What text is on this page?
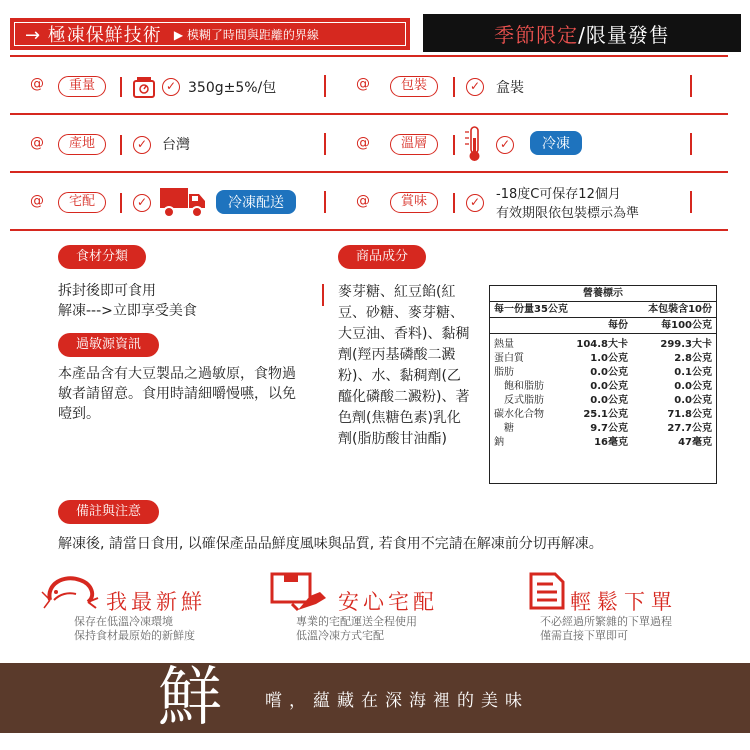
→ 極凍保鮮技術 ▶ 模糊了時間與距離的界線	季節限定 /限量發售
@	重量	✓ 350g±5%/包	@	包裝	✓ 盒裝
@	產地	✓ 台灣	@	溫層	✓	冷凍
@	宅配	✓	冷凍配送	@	賞味	✓	-18度C可保存12個月
有效期限依包裝標示為準
食材分類
拆封後即可食用
解凍--->立即享受美食
過敏源資訊
本產品含有大豆製品之過敏原，食物過敏者請留意。食用時請細嚼慢嚥，以免噎到。
商品成分
麥芽糖、紅豆餡(紅豆、砂糖、麥芽糖、大豆油、香料)、黏稠劑(羥丙基磷酸二澱粉)、水、黏稠劑(乙醯化磷酸二澱粉)、著色劑(焦糖色素)乳化劑(脂肪酸甘油酯)
營養標示
每一份量35公克	本包裝含10份
每份	每100公克
熱量	104.8大卡	299.3大卡
蛋白質	1.0公克	2.8公克
脂肪	0.0公克	0.1公克
　飽和脂肪	0.0公克	0.0公克
　反式脂肪	0.0公克	0.0公克
碳水化合物	25.1公克	71.8公克
　糖	9.7公克	27.7公克
鈉	16毫克	47毫克
備註與注意
解凍後, 請當日食用, 以確保產品品鮮度風味與品質, 若食用不完請在解凍前分切再解凍。
我最新鮮
保存在低溫冷凍環境
保持食材最原始的新鮮度
安心宅配
專業的宅配運送全程使用
低溫冷凍方式宅配
輕鬆下單
不必經過所繁雜的下單過程
僅需直接下單即可
鮮	嚐，蘊藏在深海裡的美味
